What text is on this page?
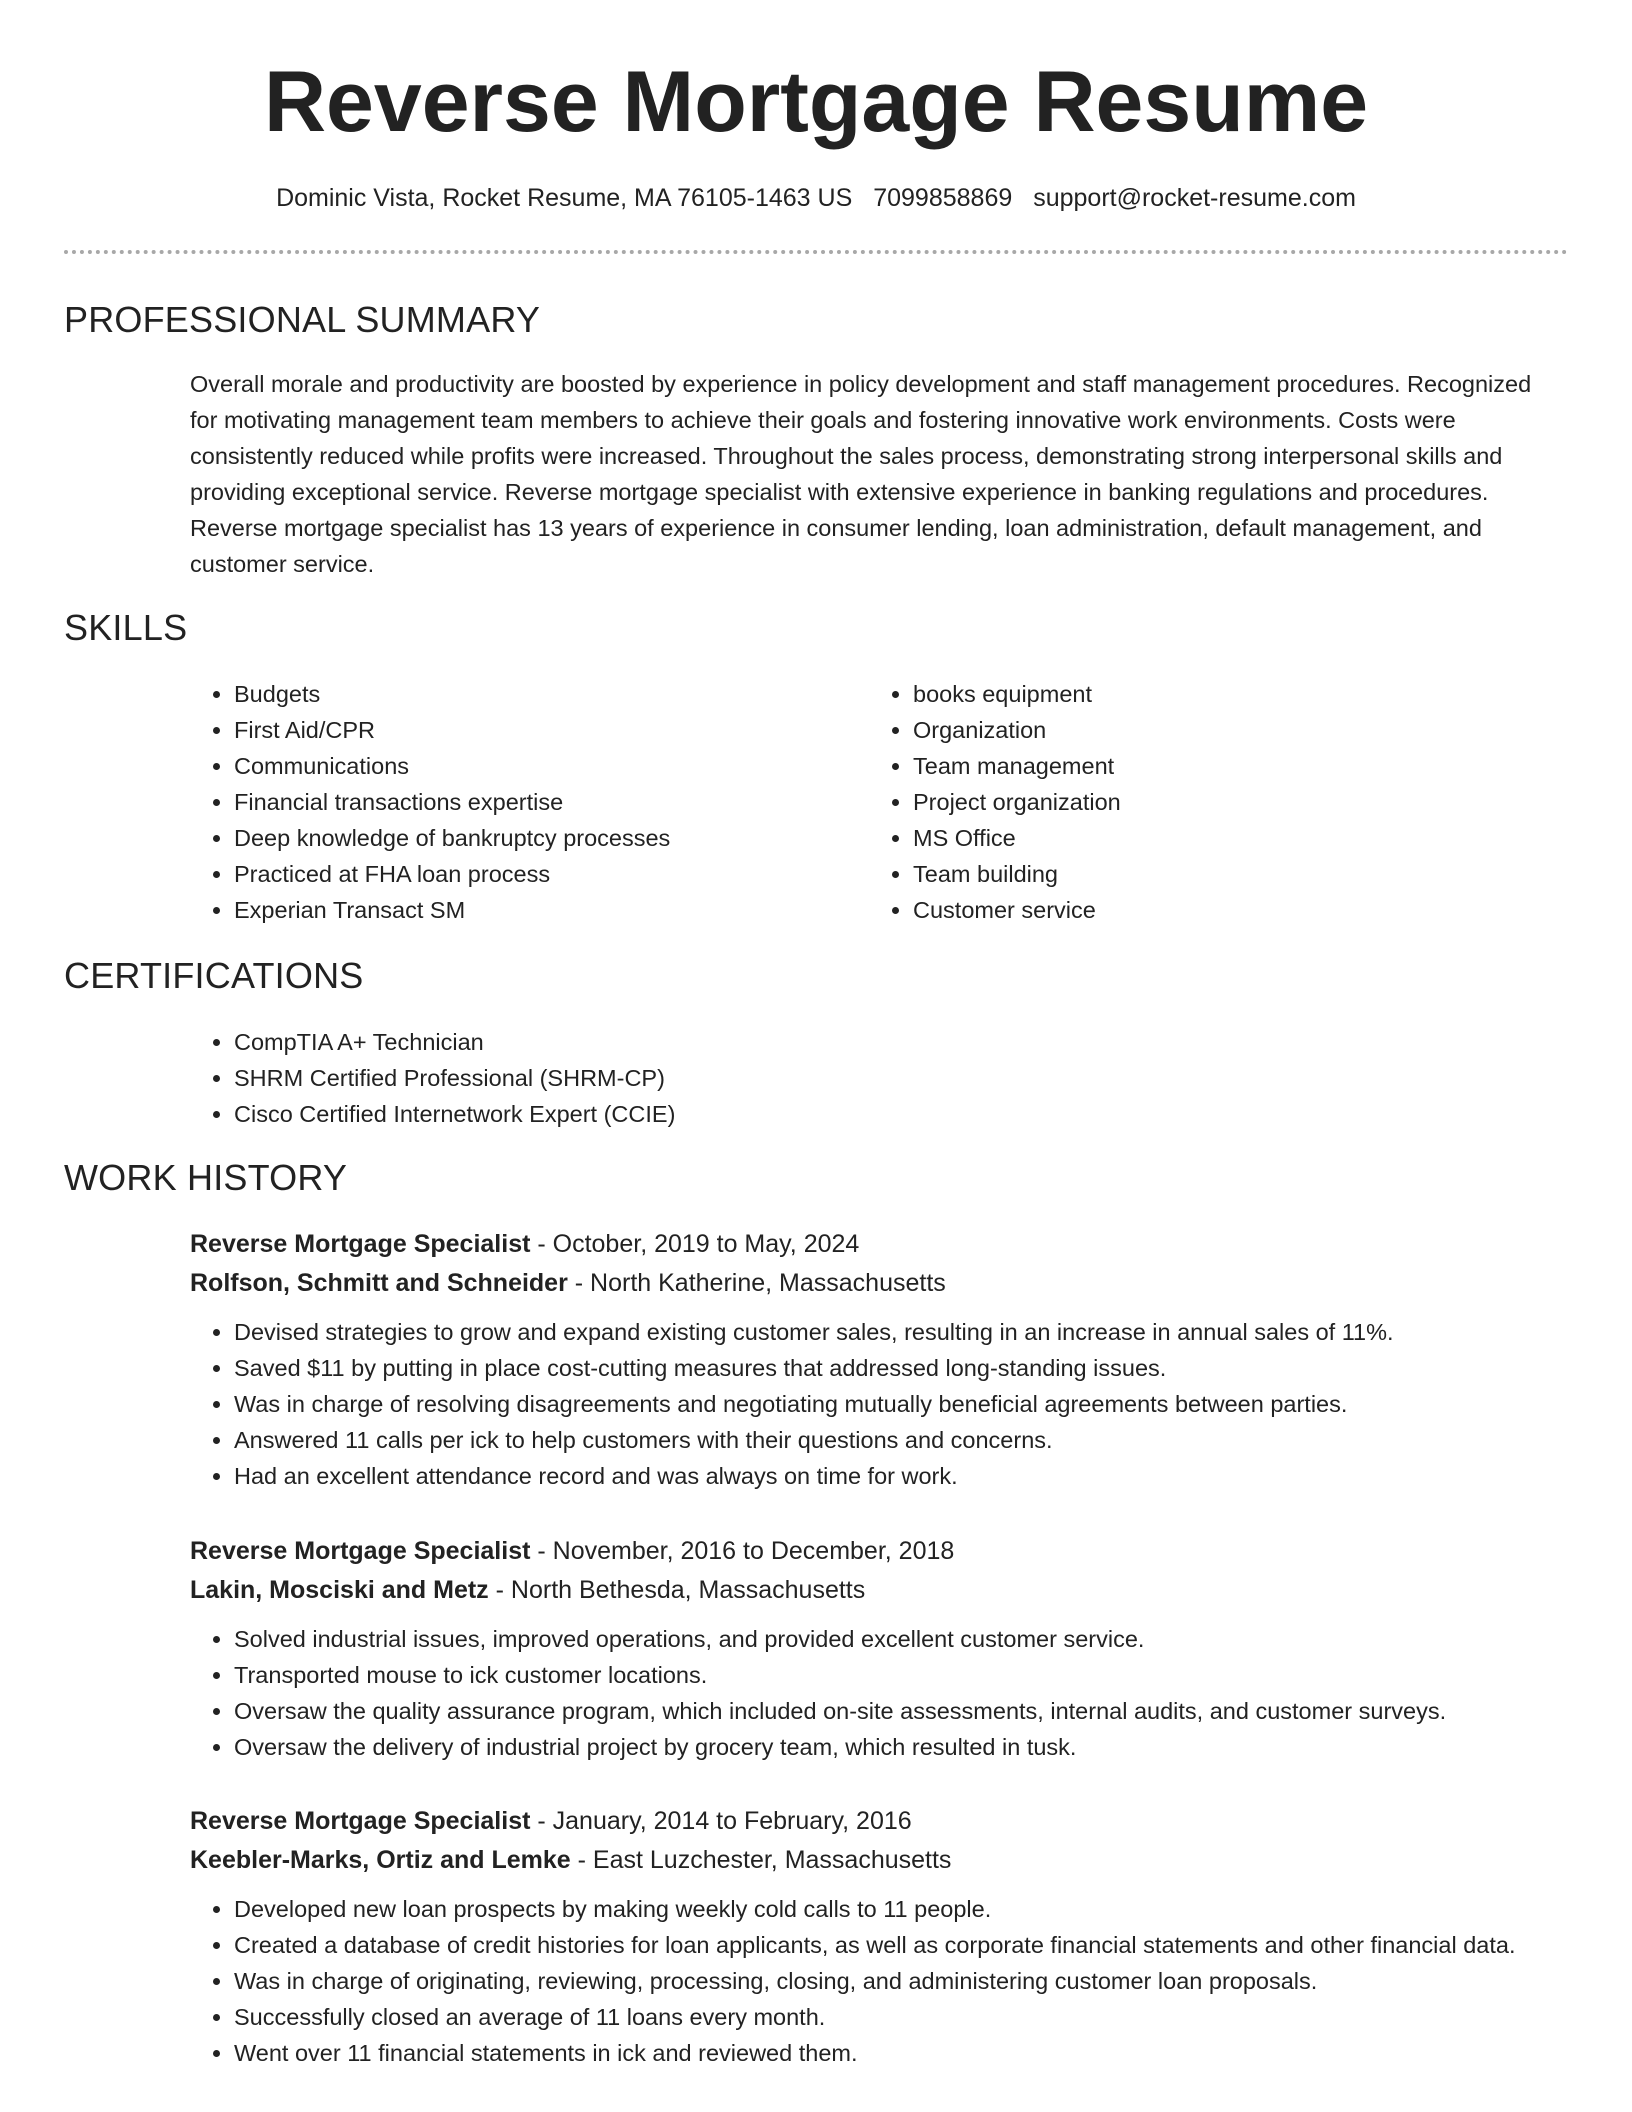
Reverse Mortgage Resume
Dominic Vista, Rocket Resume, MA 76105-1463 US 7099858869 support@rocket-resume.com
PROFESSIONAL SUMMARY

Overall morale and productivity are boosted by experience in policy development and staff management procedures. Recognized for motivating management team members to achieve their goals and fostering innovative work environments. Costs were consistently reduced while profits were increased. Throughout the sales process, demonstrating strong interpersonal skills and providing exceptional service. Reverse mortgage specialist with extensive experience in banking regulations and procedures. Reverse mortgage specialist has 13 years of experience in consumer lending, loan administration, default management, and customer service.

SKILLS
• Budgets
• First Aid/CPR
• Communications
• Financial transactions expertise
• Deep knowledge of bankruptcy processes
• Practiced at FHA loan process
• Experian Transact SM
• books equipment
• Organization
• Team management
• Project organization
• MS Office
• Team building
• Customer service
CERTIFICATIONS
• CompTIA A+ Technician
• SHRM Certified Professional (SHRM-CP)
• Cisco Certified Internetwork Expert (CCIE)
WORK HISTORY
Reverse Mortgage Specialist - October, 2019 to May, 2024
Rolfson, Schmitt and Schneider - North Katherine, Massachusetts
• Devised strategies to grow and expand existing customer sales, resulting in an increase in annual sales of 11%.
• Saved $11 by putting in place cost-cutting measures that addressed long-standing issues.
• Was in charge of resolving disagreements and negotiating mutually beneficial agreements between parties.
• Answered 11 calls per ick to help customers with their questions and concerns.
• Had an excellent attendance record and was always on time for work.
Reverse Mortgage Specialist - November, 2016 to December, 2018
Lakin, Mosciski and Metz - North Bethesda, Massachusetts
• Solved industrial issues, improved operations, and provided excellent customer service.
• Transported mouse to ick customer locations.
• Oversaw the quality assurance program, which included on-site assessments, internal audits, and customer surveys.
• Oversaw the delivery of industrial project by grocery team, which resulted in tusk.
Reverse Mortgage Specialist - January, 2014 to February, 2016
Keebler-Marks, Ortiz and Lemke - East Luzchester, Massachusetts
• Developed new loan prospects by making weekly cold calls to 11 people.
• Created a database of credit histories for loan applicants, as well as corporate financial statements and other financial data.
• Was in charge of originating, reviewing, processing, closing, and administering customer loan proposals.
• Successfully closed an average of 11 loans every month.
• Went over 11 financial statements in ick and reviewed them.
